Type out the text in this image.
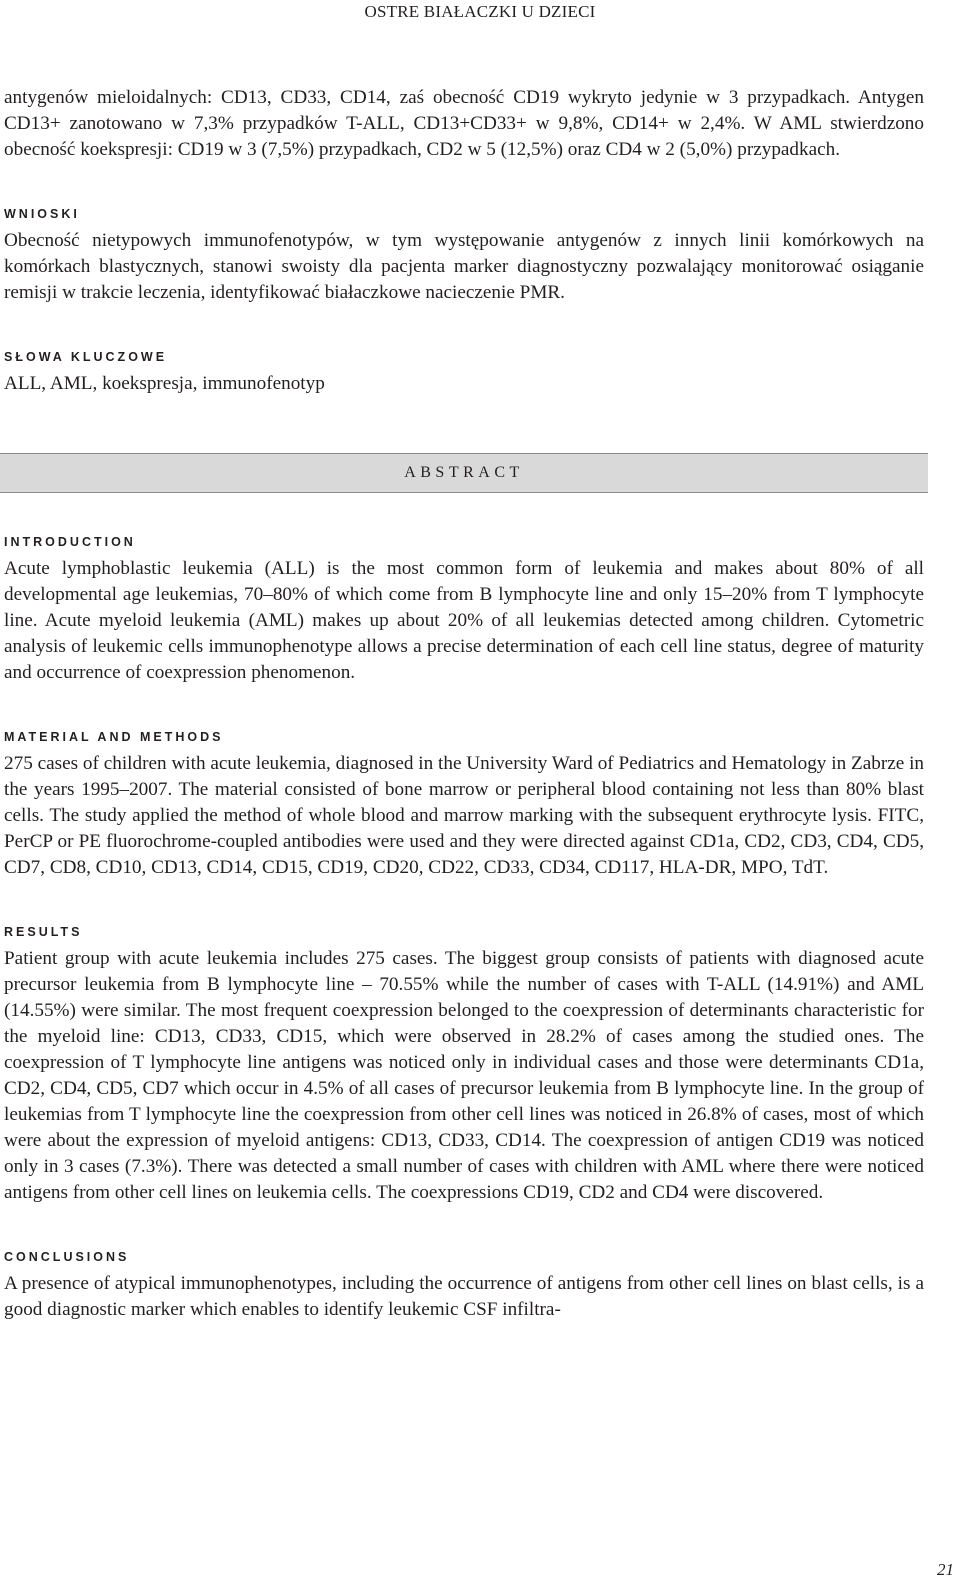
OSTRE BIAŁACZKI U DZIECI

antygenów mieloidalnych: CD13, CD33, CD14, zaś obecność CD19 wykryto jedynie w 3 przypadkach. Antygen CD13+ zanotowano w 7,3% przypadków T-ALL, CD13+CD33+ w 9,8%, CD14+ w 2,4%. W AML stwierdzono obecność koekspresji: CD19 w 3 (7,5%) przypadkach, CD2 w 5 (12,5%) oraz CD4 w 2 (5,0%) przypadkach.

WNIOSKI

Obecność nietypowych immunofenotypów, w tym występowanie antygenów z innych linii komórkowych na komórkach blastycznych, stanowi swoisty dla pacjenta marker diagnostyczny pozwalający monitorować osiąganie remisji w trakcie leczenia, identyfikować białaczkowe nacieczenie PMR.

SŁOWA KLUCZOWE

ALL, AML, koekspresja, immunofenotyp

ABSTRACT
INTRODUCTION

Acute lymphoblastic leukemia (ALL) is the most common form of leukemia and makes about 80% of all developmental age leukemias, 70–80% of which come from B lymphocyte line and only 15–20% from T lymphocyte line. Acute myeloid leukemia (AML) makes up about 20% of all leukemias detected among children. Cytometric analysis of leukemic cells immunophenotype allows a precise determination of each cell line status, degree of maturity and occurrence of coexpression phenomenon.

MATERIAL AND METHODS

275 cases of children with acute leukemia, diagnosed in the University Ward of Pediatrics and Hematology in Zabrze in the years 1995–2007. The material consisted of bone marrow or peripheral blood containing not less than 80% blast cells. The study applied the method of whole blood and marrow marking with the subsequent erythrocyte lysis. FITC, PerCP or PE fluorochrome-coupled antibodies were used and they were directed against CD1a, CD2, CD3, CD4, CD5, CD7, CD8, CD10, CD13, CD14, CD15, CD19, CD20, CD22, CD33, CD34, CD117, HLA-DR, MPO, TdT.

RESULTS

Patient group with acute leukemia includes 275 cases. The biggest group consists of patients with diagnosed acute precursor leukemia from B lymphocyte line – 70.55% while the number of cases with T-ALL (14.91%) and AML (14.55%) were similar. The most frequent coexpression belonged to the coexpression of determinants characteristic for the myeloid line: CD13, CD33, CD15, which were observed in 28.2% of cases among the studied ones. The coexpression of T lymphocyte line antigens was noticed only in individual cases and those were determinants CD1a, CD2, CD4, CD5, CD7 which occur in 4.5% of all cases of precursor leukemia from B lymphocyte line. In the group of leukemias from T lymphocyte line the coexpression from other cell lines was noticed in 26.8% of cases, most of which were about the expression of myeloid antigens: CD13, CD33, CD14. The coexpression of antigen CD19 was noticed only in 3 cases (7.3%). There was detected a small number of cases with children with AML where there were noticed antigens from other cell lines on leukemia cells. The coexpressions CD19, CD2 and CD4 were discovered.

CONCLUSIONS

A presence of atypical immunophenotypes, including the occurrence of antigens from other cell lines on blast cells, is a good diagnostic marker which enables to identify leukemic CSF infiltra-

21
